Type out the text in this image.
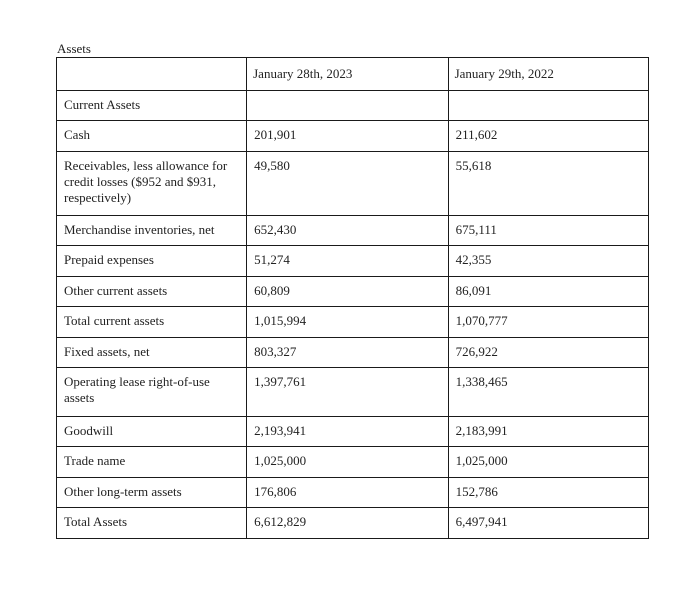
Assets
	January 28th, 2023	January 29th, 2022
Current Assets		
Cash	201,901	211,602
Receivables, less allowance for credit losses ($952 and $931, respectively)	49,580	55,618
Merchandise inventories, net	652,430	675,111
Prepaid expenses	51,274	42,355
Other current assets	60,809	86,091
Total current assets	1,015,994	1,070,777
Fixed assets, net	803,327	726,922
Operating lease right-of-use assets	1,397,761	1,338,465
Goodwill	2,193,941	2,183,991
Trade name	1,025,000	1,025,000
Other long-term assets	176,806	152,786
Total Assets	6,612,829	6,497,941
